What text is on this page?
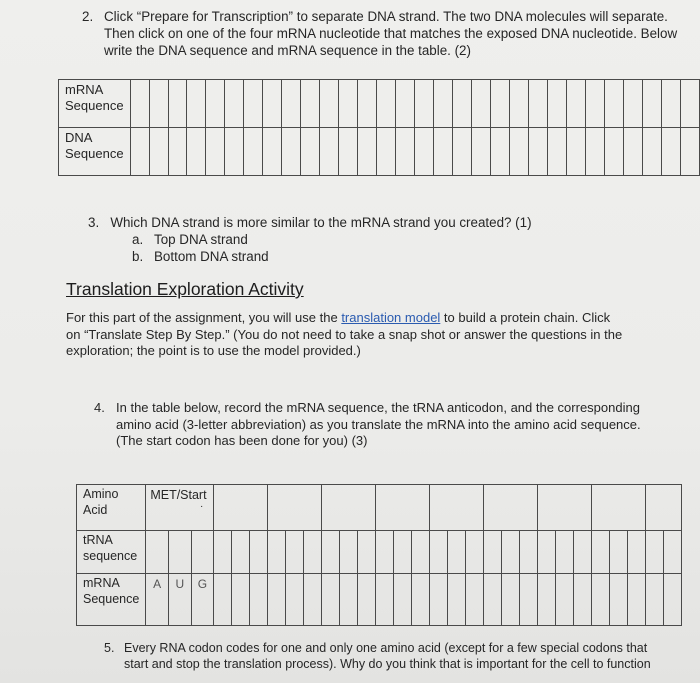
2. Click “Prepare for Transcription” to separate DNA strand. The two DNA molecules will separate. Then click on one of the four mRNA nucleotide that matches the exposed DNA nucleotide. Below write the DNA sequence and mRNA sequence in the table. (2)
mRNA
Sequence																														
DNA
Sequence																														
3. Which DNA strand is more similar to the mRNA strand you created? (1)
a. Top DNA strand
b. Bottom DNA strand
Translation Exploration Activity
For this part of the assignment, you will use the translation model to build a protein chain. Click on “Translate Step By Step.” (You do not need to take a snap shot or answer the questions in the exploration; the point is to use the model provided.)
4. In the table below, record the mRNA sequence, the tRNA anticodon, and the corresponding amino acid (3-letter abbreviation) as you translate the mRNA into the amino acid sequence. (The start codon has been done for you) (3)
Amino
Acid	MET/Start
·																												

tRNA
sequence																													
mRNA
Sequence	A	U	G																										
5. Every RNA codon codes for one and only one amino acid (except for a few special codons that start and stop the translation process). Why do you think that is important for the cell to function
